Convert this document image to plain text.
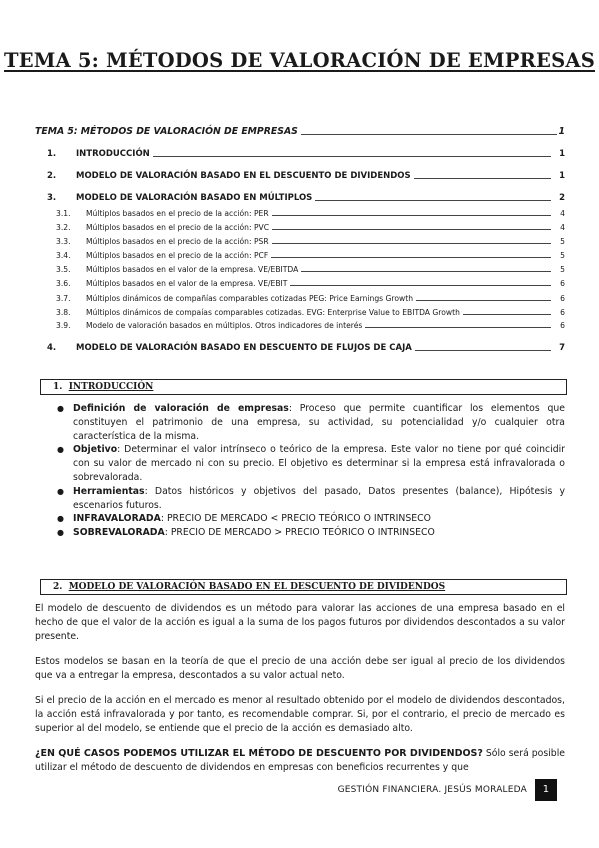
TEMA 5: MÉTODOS DE VALORACIÓN DE EMPRESAS
TEMA 5: MÉTODOS DE VALORACIÓN DE EMPRESAS	1
1.	INTRODUCCIÓN	1
2.	MODELO DE VALORACIÓN BASADO EN EL DESCUENTO DE DIVIDENDOS	1
3.	MODELO DE VALORACIÓN BASADO EN MÚLTIPLOS	2
3.1.	Múltiplos basados en el precio de la acción: PER	4
3.2.	Múltiplos basados en el precio de la acción: PVC	4
3.3.	Múltiplos basados en el precio de la acción: PSR	5
3.4.	Múltiplos basados en el precio de la acción: PCF	5
3.5.	Múltiplos basados en el valor de la empresa. VE/EBITDA	5
3.6.	Múltiplos basados en el valor de la empresa. VE/EBIT	6
3.7.	Múltiplos dinámicos de compañías comparables cotizadas PEG: Price Earnings Growth	6
3.8.	Múltiplos dinámicos de compaías comparables cotizadas. EVG: Enterprise Value to EBITDA Growth	6
3.9.	Modelo de valoración basados en múltiplos. Otros indicadores de interés	6
4.	MODELO DE VALORACIÓN BASADO EN DESCUENTO DE FLUJOS DE CAJA	7
1. INTRODUCCIÓN
● Definición de valoración de empresas: Proceso que permite cuantificar los elementos que constituyen el patrimonio de una empresa, su actividad, su potencialidad y/o cualquier otra característica de la misma.
● Objetivo: Determinar el valor intrínseco o teórico de la empresa. Este valor no tiene por qué coincidir con su valor de mercado ni con su precio. El objetivo es determinar si la empresa está infravalorada o sobrevalorada.
● Herramientas: Datos históricos y objetivos del pasado, Datos presentes (balance), Hipótesis y escenarios futuros.
● INFRAVALORADA: PRECIO DE MERCADO < PRECIO TEÓRICO O INTRINSECO
● SOBREVALORADA: PRECIO DE MERCADO > PRECIO TEÓRICO O INTRINSECO
2. MODELO DE VALORACIÓN BASADO EN EL DESCUENTO DE DIVIDENDOS

El modelo de descuento de dividendos es un método para valorar las acciones de una empresa basado en el hecho de que el valor de la acción es igual a la suma de los pagos futuros por dividendos descontados a su valor presente.

Estos modelos se basan en la teoría de que el precio de una acción debe ser igual al precio de los dividendos que va a entregar la empresa, descontados a su valor actual neto.

Si el precio de la acción en el mercado es menor al resultado obtenido por el modelo de dividendos descontados, la acción está infravalorada y por tanto, es recomendable comprar. Si, por el contrario, el precio de mercado es superior al del modelo, se entiende que el precio de la acción es demasiado alto.

¿EN QUÉ CASOS PODEMOS UTILIZAR EL MÉTODO DE DESCUENTO POR DIVIDENDOS? Sólo será posible utilizar el método de descuento de dividendos en empresas con beneficios recurrentes y que

GESTIÓN FINANCIERA. JESÚS MORALEDA	1
